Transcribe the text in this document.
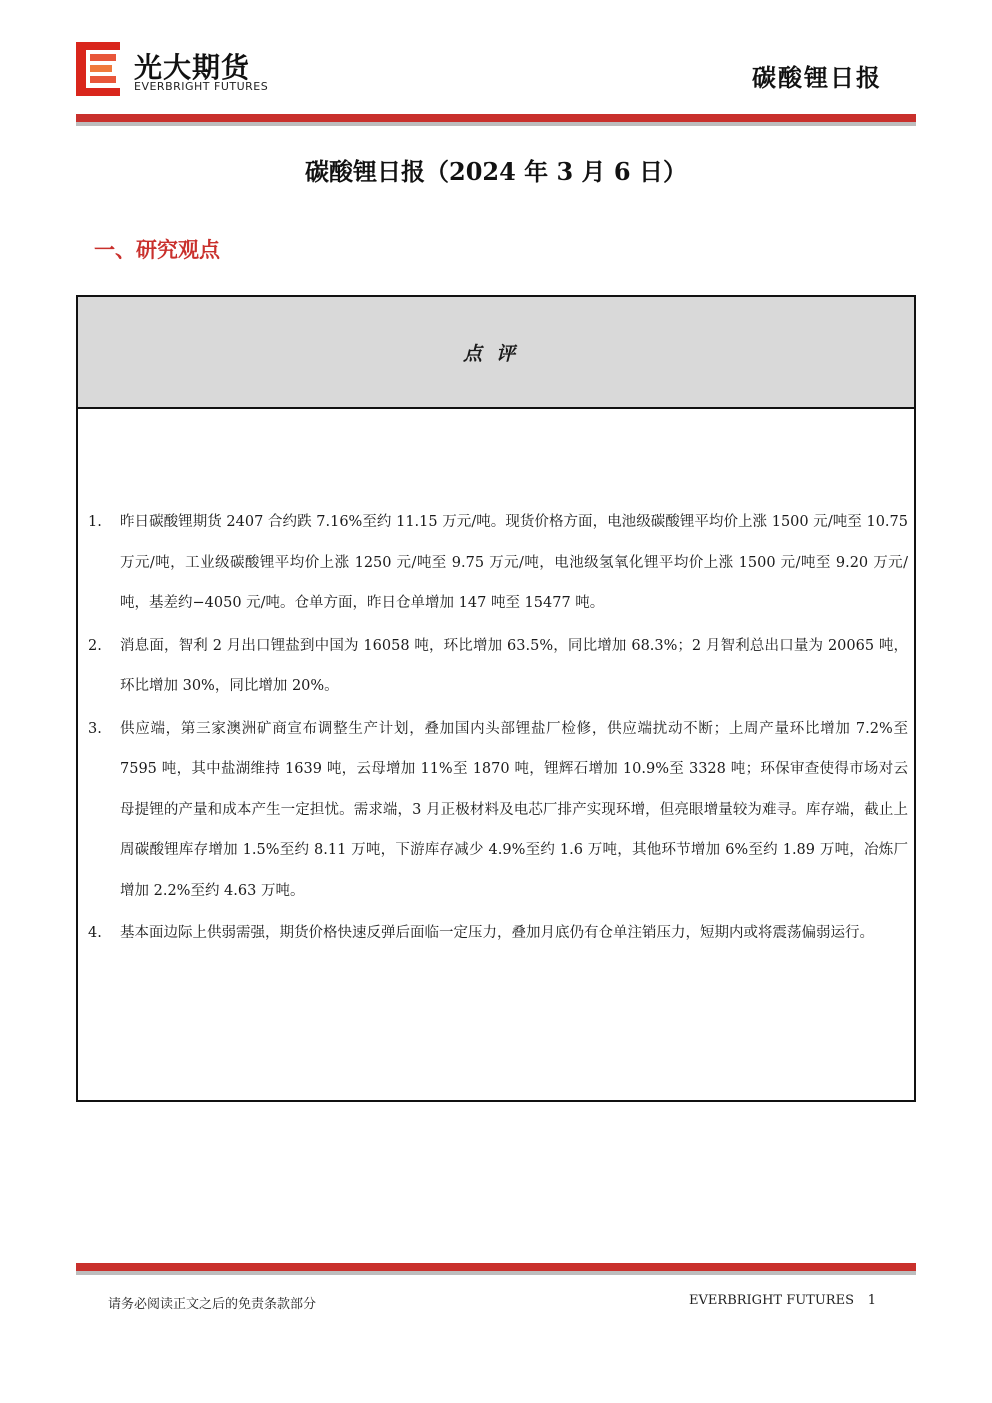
光大期货
EVERBRIGHT FUTURES	碳酸锂日报
碳酸锂日报（2024 年 3 月 6 日）
一、研究观点
点评
1. 昨日碳酸锂期货 2407 合约跌 7.16%至约 11.15 万元/吨。现货价格方面，电池级碳酸锂平均价上涨 1500 元/吨至 10.75 万元/吨，工业级碳酸锂平均价上涨 1250 元/吨至 9.75 万元/吨，电池级氢氧化锂平均价上涨 1500 元/吨至 9.20 万元/吨，基差约−4050 元/吨。仓单方面，昨日仓单增加 147 吨至 15477 吨。
2. 消息面，智利 2 月出口锂盐到中国为 16058 吨，环比增加 63.5%，同比增加 68.3%；2 月智利总出口量为 20065 吨，环比增加 30%，同比增加 20%。
3. 供应端，第三家澳洲矿商宣布调整生产计划，叠加国内头部锂盐厂检修，供应端扰动不断；上周产量环比增加 7.2%至 7595 吨，其中盐湖维持 1639 吨，云母增加 11%至 1870 吨，锂辉石增加 10.9%至 3328 吨；环保审查使得市场对云母提锂的产量和成本产生一定担忧。需求端，3 月正极材料及电芯厂排产实现环增，但亮眼增量较为难寻。库存端，截止上周碳酸锂库存增加 1.5%至约 8.11 万吨，下游库存减少 4.9%至约 1.6 万吨，其他环节增加 6%至约 1.89 万吨，冶炼厂增加 2.2%至约 4.63 万吨。
4. 基本面边际上供弱需强，期货价格快速反弹后面临一定压力，叠加月底仍有仓单注销压力，短期内或将震荡偏弱运行。
请务必阅读正文之后的免责条款部分	EVERBRIGHT FUTURES 1
